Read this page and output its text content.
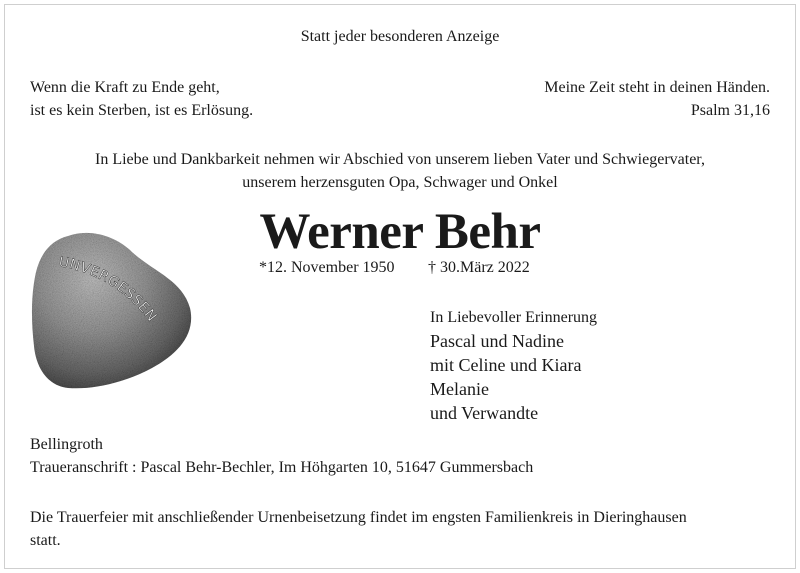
Statt jeder besonderen Anzeige

Wenn die Kraft zu Ende geht,

ist es kein Sterben, ist es Erlösung.

Meine Zeit steht in deinen Händen.

Psalm 31,16

In Liebe und Dankbarkeit nehmen wir Abschied von unserem lieben Vater und Schwiegervater,

unserem herzensguten Opa, Schwager und Onkel

Werner Behr

*12. November 1950 † 30.März 2022

UNVERGESSEN	In Liebevoller Erinnerung

Pascal und Nadine

mit Celine und Kiara

Melanie

und Verwandte

Bellingroth

Traueranschrift : Pascal Behr-Bechler, Im Höhgarten 10, 51647 Gummersbach

Die Trauerfeier mit anschließender Urnenbeisetzung findet im engsten Familienkreis in Dieringhausen

statt.
